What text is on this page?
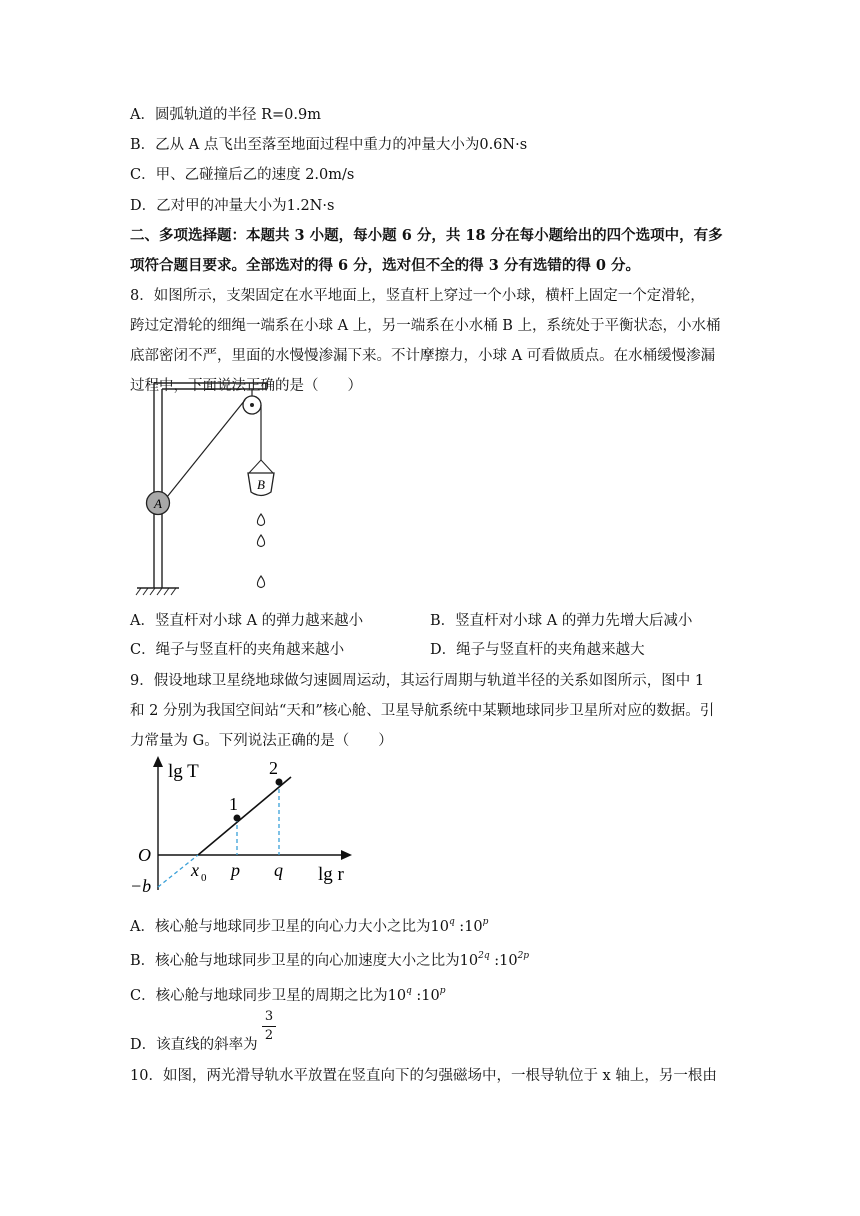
A．圆弧轨道的半径 R=0.9m
B．乙从 A 点飞出至落至地面过程中重力的冲量大小为0.6N·s
C．甲、乙碰撞后乙的速度 2.0m/s
D．乙对甲的冲量大小为1.2N·s
二、多项选择题：本题共 3 小题，每小题 6 分，共 18 分在每小题给出的四个选项中，有多
项符合题目要求。全部选对的得 6 分，选对但不全的得 3 分有选错的得 0 分。
8．如图所示，支架固定在水平地面上，竖直杆上穿过一个小球，横杆上固定一个定滑轮，
跨过定滑轮的细绳一端系在小球 A 上，另一端系在小水桶 B 上，系统处于平衡状态，小水桶
底部密闭不严，里面的水慢慢渗漏下来。不计摩擦力，小球 A 可看做质点。在水桶缓慢渗漏
过程中，下面说法正确的是（　　）
A
B
A．竖直杆对小球 A 的弹力越来越小	B．竖直杆对小球 A 的弹力先增大后减小
C．绳子与竖直杆的夹角越来越小	D．绳子与竖直杆的夹角越来越大
9．假设地球卫星绕地球做匀速圆周运动，其运行周期与轨道半径的关系如图所示，图中 1
和 2 分别为我国空间站“天和”核心舱、卫星导航系统中某颗地球同步卫星所对应的数据。引
力常量为 G。下列说法正确的是（　　）
lg T
O
−b
x 0 p q lg r
1
2
A．核心舱与地球同步卫星的向心力大小之比为10$^q$ :10$^p$
B．核心舱与地球同步卫星的向心加速度大小之比为$10^{2q}$ $:10^{2p}$
C．核心舱与地球同步卫星的周期之比为10$^q$ :10$^p$
D．该直线的斜率为
3
2
10．如图，两光滑导轨水平放置在竖直向下的匀强磁场中，一根导轨位于 x 轴上，另一根由
